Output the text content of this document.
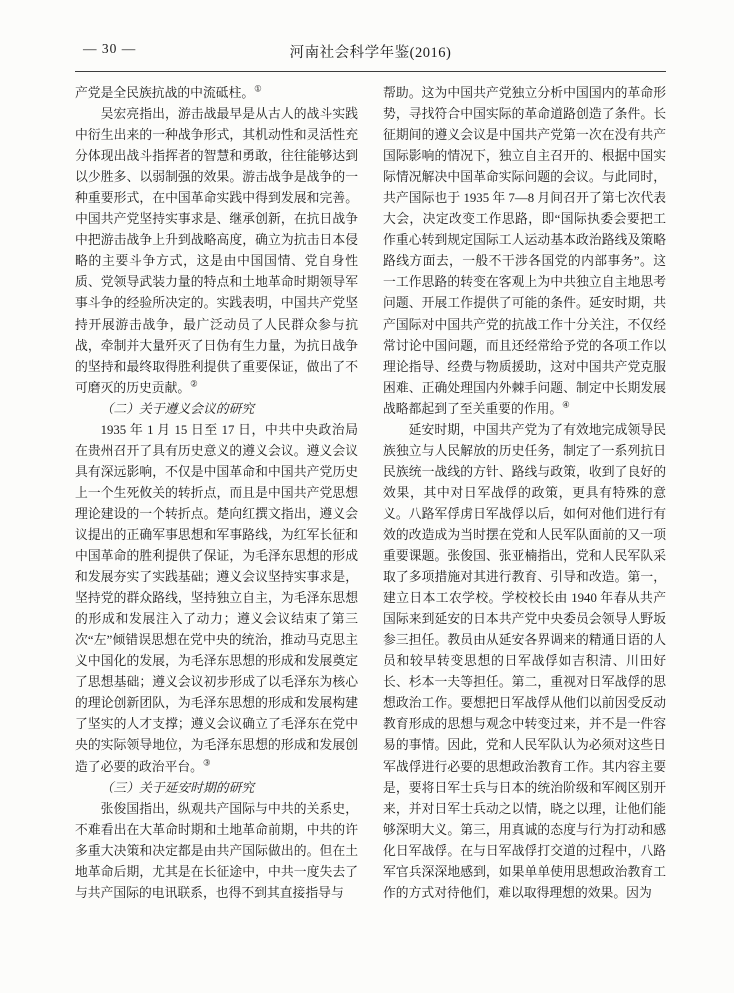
— 30 —	河南社会科学年鉴(2016)

产党是全民族抗战的中流砥柱。①

吴宏亮指出，游击战最早是从古人的战斗实践中衍生出来的一种战争形式，其机动性和灵活性充分体现出战斗指挥者的智慧和勇敢，往往能够达到以少胜多、以弱制强的效果。游击战争是战争的一种重要形式，在中国革命实践中得到发展和完善。中国共产党坚持实事求是、继承创新，在抗日战争中把游击战争上升到战略高度，确立为抗击日本侵略的主要斗争方式，这是由中国国情、党自身性质、党领导武装力量的特点和土地革命时期领导军事斗争的经验所决定的。实践表明，中国共产党坚持开展游击战争，最广泛动员了人民群众参与抗战，牵制并大量歼灭了日伪有生力量，为抗日战争的坚持和最终取得胜利提供了重要保证，做出了不可磨灭的历史贡献。②

（二）关于遵义会议的研究

1935 年 1 月 15 日至 17 日，中共中央政治局在贵州召开了具有历史意义的遵义会议。遵义会议具有深远影响，不仅是中国革命和中国共产党历史上一个生死攸关的转折点，而且是中国共产党思想理论建设的一个转折点。楚向红撰文指出，遵义会议提出的正确军事思想和军事路线，为红军长征和中国革命的胜利提供了保证，为毛泽东思想的形成和发展夯实了实践基础；遵义会议坚持实事求是，坚持党的群众路线，坚持独立自主，为毛泽东思想的形成和发展注入了动力；遵义会议结束了第三次“左”倾错误思想在党中央的统治，推动马克思主义中国化的发展，为毛泽东思想的形成和发展奠定了思想基础；遵义会议初步形成了以毛泽东为核心的理论创新团队，为毛泽东思想的形成和发展构建了坚实的人才支撑；遵义会议确立了毛泽东在党中央的实际领导地位，为毛泽东思想的形成和发展创造了必要的政治平台。③

（三）关于延安时期的研究

张俊国指出，纵观共产国际与中共的关系史，不难看出在大革命时期和土地革命前期，中共的许多重大决策和决定都是由共产国际做出的。但在土地革命后期，尤其是在长征途中，中共一度失去了与共产国际的电讯联系，也得不到其直接指导与

帮助。这为中国共产党独立分析中国国内的革命形势，寻找符合中国实际的革命道路创造了条件。长征期间的遵义会议是中国共产党第一次在没有共产国际影响的情况下，独立自主召开的、根据中国实际情况解决中国革命实际问题的会议。与此同时，共产国际也于 1935 年 7—8 月间召开了第七次代表大会，决定改变工作思路，即“国际执委会要把工作重心转到规定国际工人运动基本政治路线及策略路线方面去，一般不干涉各国党的内部事务”。这一工作思路的转变在客观上为中共独立自主地思考问题、开展工作提供了可能的条件。延安时期，共产国际对中国共产党的抗战工作十分关注，不仅经常讨论中国问题，而且还经常给予党的各项工作以理论指导、经费与物质援助，这对中国共产党克服困难、正确处理国内外棘手问题、制定中长期发展战略都起到了至关重要的作用。④

延安时期，中国共产党为了有效地完成领导民族独立与人民解放的历史任务，制定了一系列抗日民族统一战线的方针、路线与政策，收到了良好的效果，其中对日军战俘的政策，更具有特殊的意义。八路军俘虏日军战俘以后，如何对他们进行有效的改造成为当时摆在党和人民军队面前的又一项重要课题。张俊国、张亚楠指出，党和人民军队采取了多项措施对其进行教育、引导和改造。第一，建立日本工农学校。学校校长由 1940 年春从共产国际来到延安的日本共产党中央委员会领导人野坂参三担任。教员由从延安各界调来的精通日语的人员和较早转变思想的日军战俘如吉积清、川田好长、杉本一夫等担任。第二，重视对日军战俘的思想政治工作。要想把日军战俘从他们以前因受反动教育形成的思想与观念中转变过来，并不是一件容易的事情。因此，党和人民军队认为必须对这些日军战俘进行必要的思想政治教育工作。其内容主要是，要将日军士兵与日本的统治阶级和军阀区别开来，并对日军士兵动之以情，晓之以理，让他们能够深明大义。第三，用真诚的态度与行为打动和感化日军战俘。在与日军战俘打交道的过程中，八路军官兵深深地感到，如果单单使用思想政治教育工作的方式对待他们，难以取得理想的效果。因为
